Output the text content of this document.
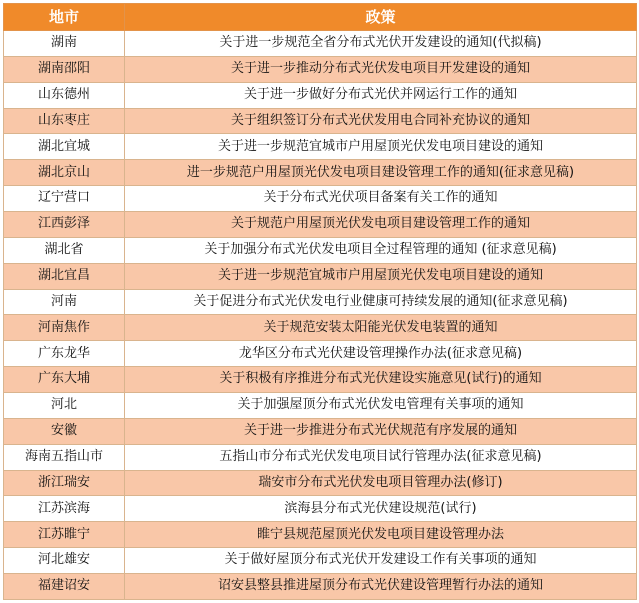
地市	政策
湖南	关于进一步规范全省分布式光伏开发建设的通知(代拟稿)
湖南邵阳	关于进一步推动分布式光伏发电项目开发建设的通知
山东德州	关于进一步做好分布式光伏并网运行工作的通知
山东枣庄	关于组织签订分布式光伏发用电合同补充协议的通知
湖北宜城	关于进一步规范宜城市户用屋顶光伏发电项目建设的通知
湖北京山	进一步规范户用屋顶光伏发电项目建设管理工作的通知(征求意见稿)
辽宁营口	关于分布式光伏项目备案有关工作的通知
江西彭泽	关于规范户用屋顶光伏发电项目建设管理工作的通知
湖北省	关于加强分布式光伏发电项目全过程管理的通知 (征求意见稿)
湖北宜昌	关于进一步规范宜城市户用屋顶光伏发电项目建设的通知
河南	关于促进分布式光伏发电行业健康可持续发展的通知(征求意见稿)
河南焦作	关于规范安装太阳能光伏发电装置的通知
广东龙华	龙华区分布式光伏建设管理操作办法(征求意见稿)
广东大埔	关于积极有序推进分布式光伏建设实施意见(试行)的通知
河北	关于加强屋顶分布式光伏发电管理有关事项的通知
安徽	关于进一步推进分布式光伏规范有序发展的通知
海南五指山市	五指山市分布式光伏发电项目试行管理办法(征求意见稿)
浙江瑞安	瑞安市分布式光伏发电项目管理办法(修订)
江苏滨海	滨海县分布式光伏建设规范(试行)
江苏睢宁	睢宁县规范屋顶光伏发电项目建设管理办法
河北雄安	关于做好屋顶分布式光伏开发建设工作有关事项的通知
福建诏安	诏安县整县推进屋顶分布式光伏建设管理暂行办法的通知
